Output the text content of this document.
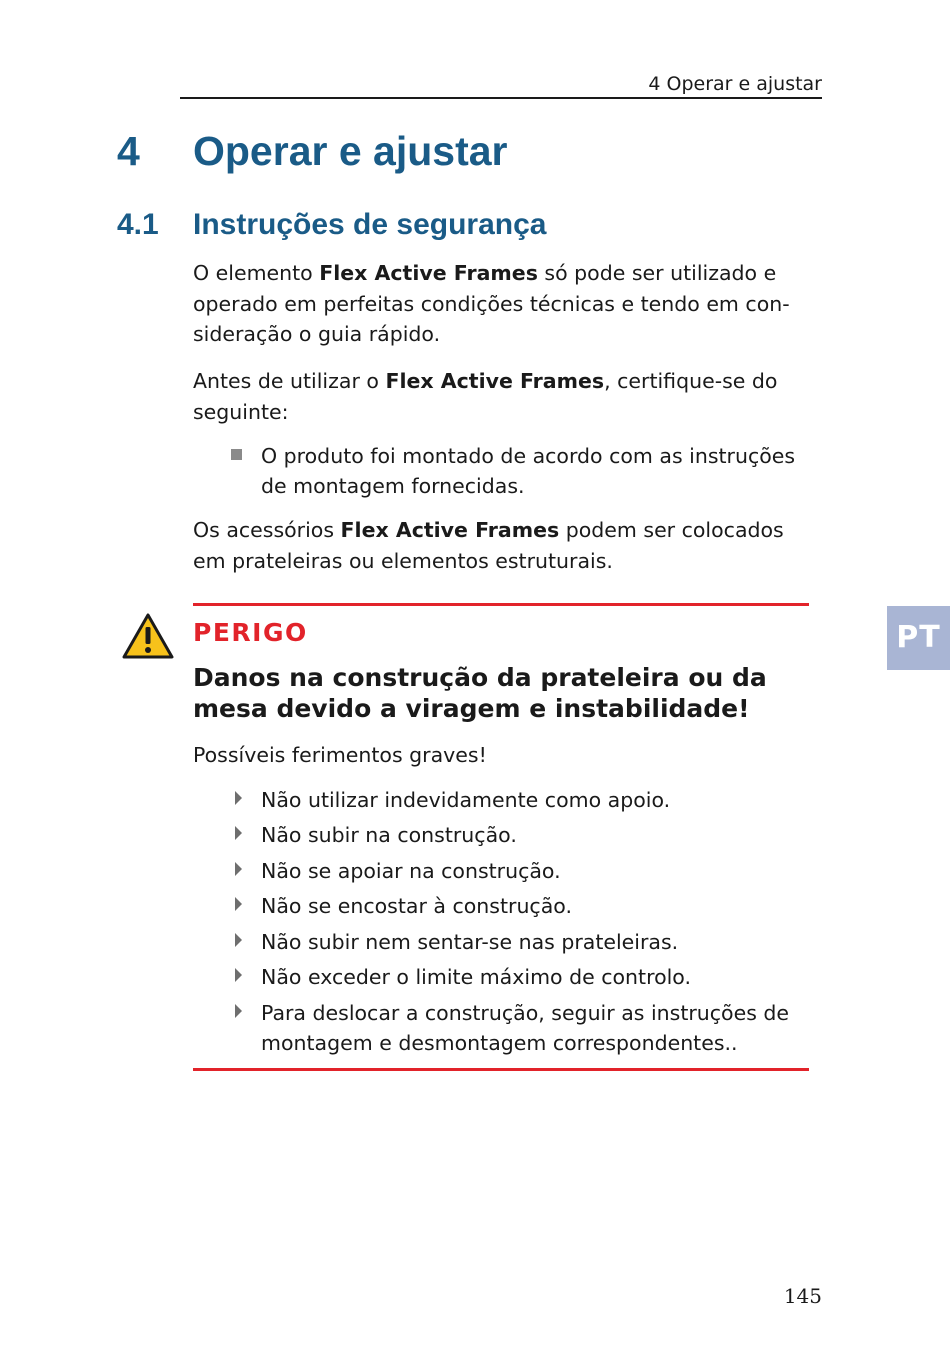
4 Operar e ajustar
4 Operar e ajustar
4.1 Instruções de segurança

O elemento Flex Active Frames só pode ser utilizado e operado em perfeitas condições técnicas e tendo em con-sideração o guia rápido.

Antes de utilizar o Flex Active Frames, certifique-se do seguinte:

O produto foi montado de acordo com as instruções de montagem fornecidas.

Os acessórios Flex Active Frames podem ser colocados em prateleiras ou elementos estruturais.

PERIGO
Danos na construção da prateleira ou da mesa devido a viragem e instabilidade!

Possíveis ferimentos graves!

Não utilizar indevidamente como apoio.
Não subir na construção.
Não se apoiar na construção.
Não se encostar à construção.
Não subir nem sentar-se nas prateleiras.
Não exceder o limite máximo de controlo.
Para deslocar a construção, seguir as instruções de montagem e desmontagem correspondentes..
PT
145
